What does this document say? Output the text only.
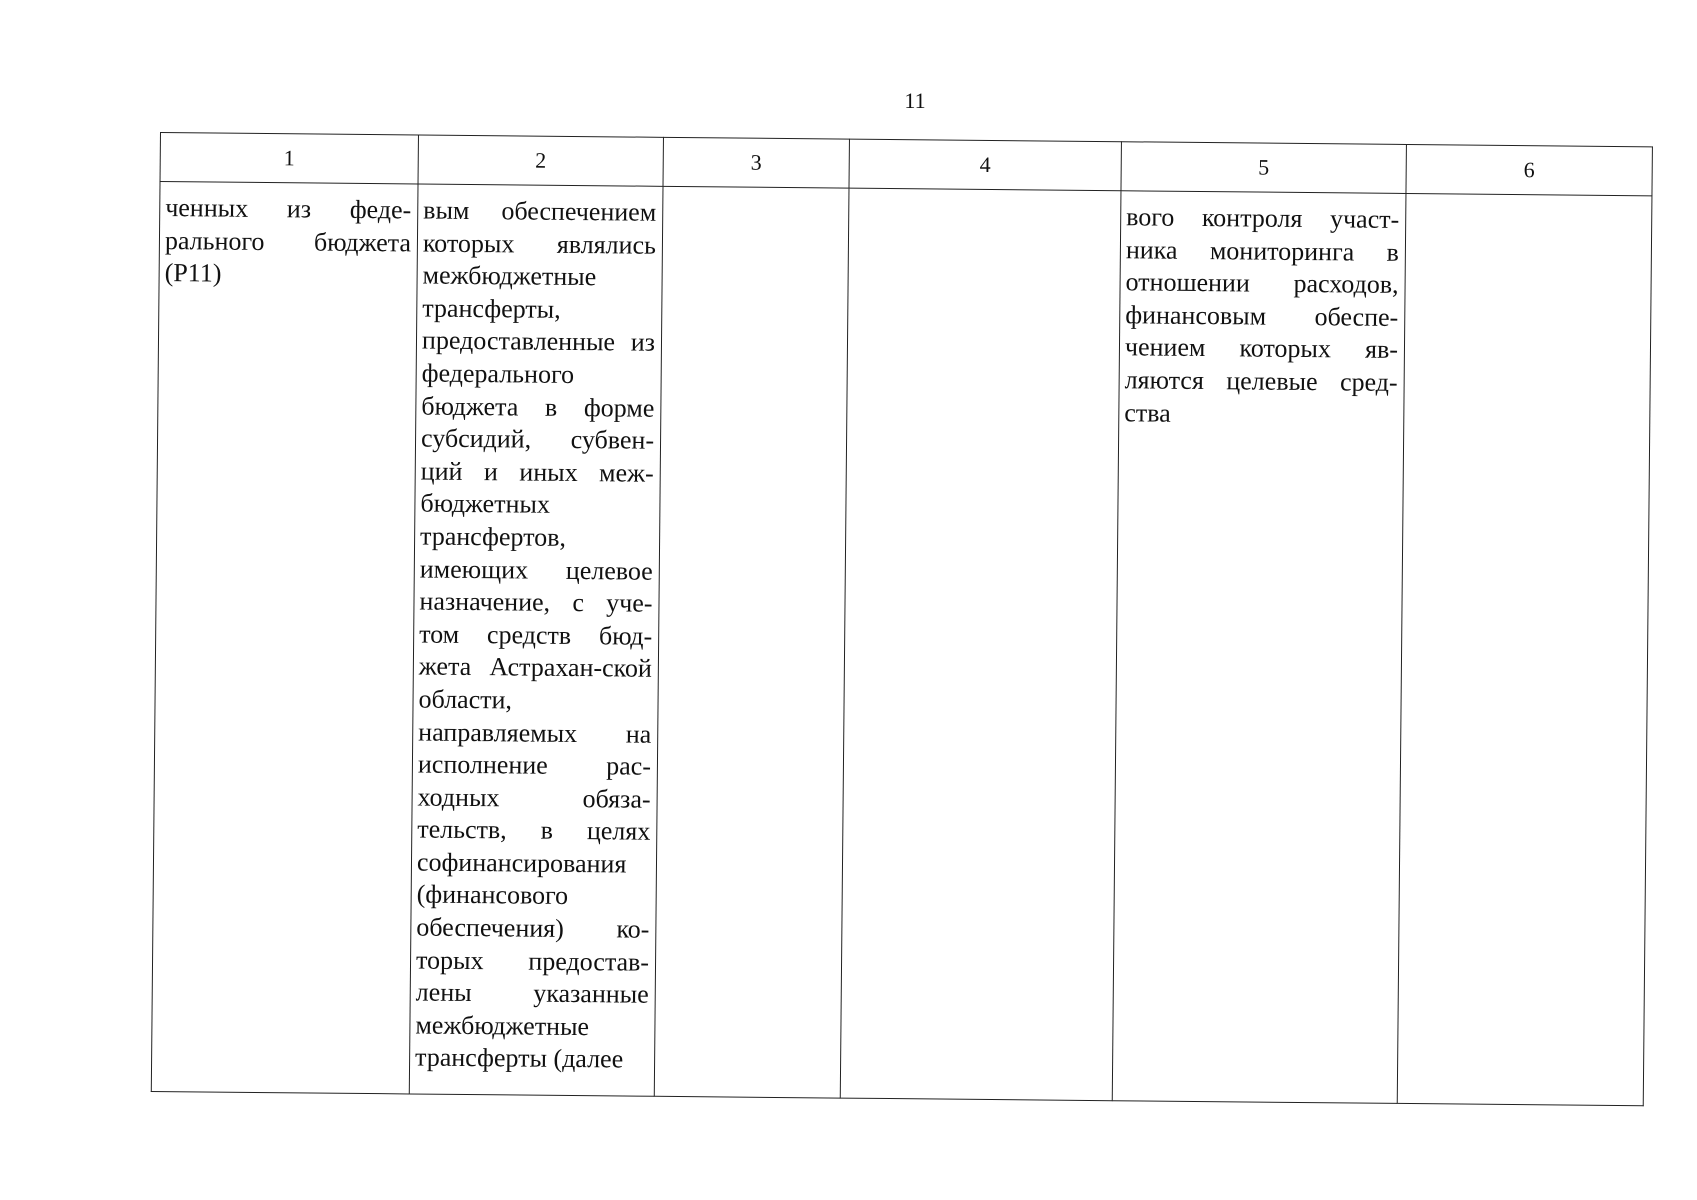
11
1	2	3	4	5	6
ченных из феде-рального бюджета (Р11)	вым обеспечением которых являлись межбюджетные трансферты, предоставленные из федерального бюджета в форме субсидий, субвен-ций и иных меж-бюджетных трансфертов, имеющих целевое назначение, с уче-том средств бюд-жета Астрахан-ской области, направляемых на исполнение рас-ходных обяза-тельств, в целях софинансирования (финансового обеспечения) ко-торых предостав-лены указанные межбюджетные трансферты (далее			вого контроля участ-ника мониторинга в отношении расходов, финансовым обеспе-чением которых яв-ляются целевые сред-ства	
